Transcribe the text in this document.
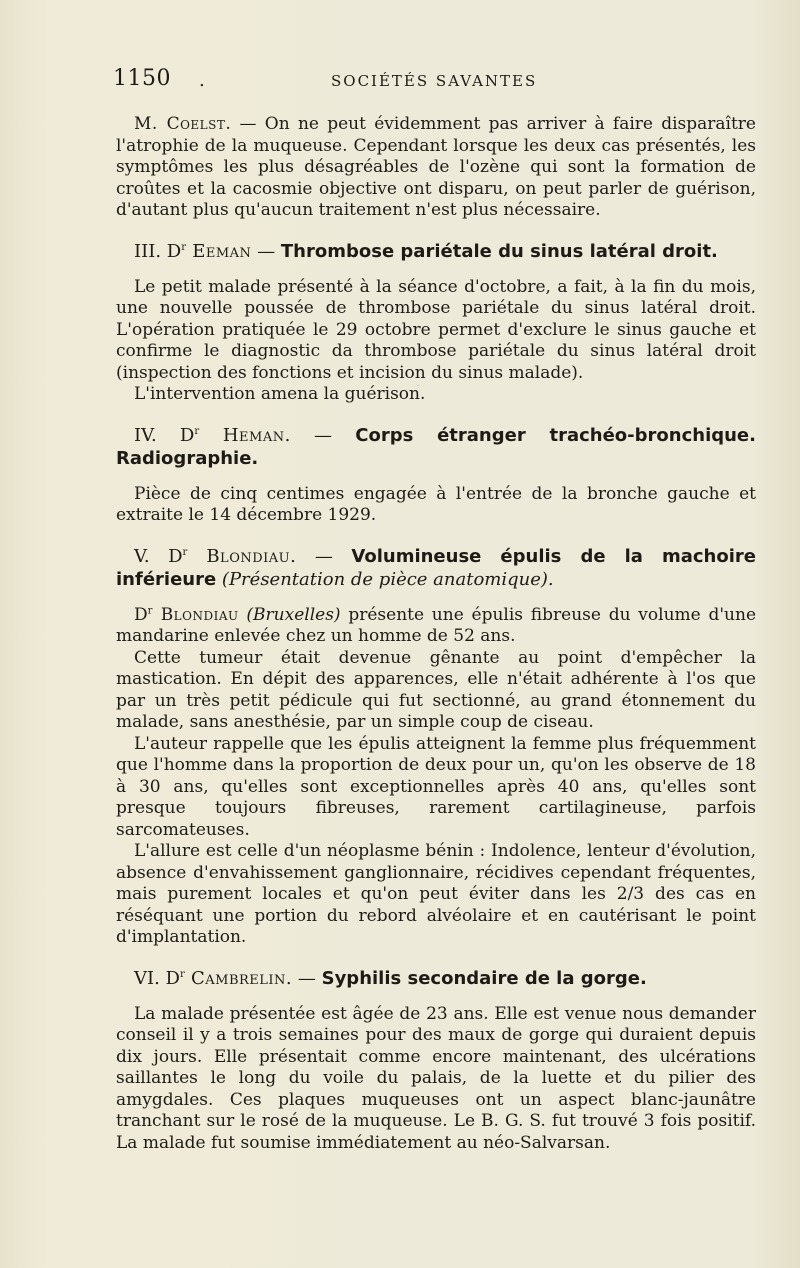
1150 .	SOCIÉTÉS SAVANTES

M. Coelst. — On ne peut évidemment pas arriver à faire disparaître l'atrophie de la muqueuse. Cependant lorsque les deux cas présentés, les symptômes les plus désagréables de l'ozène qui sont la formation de croûtes et la cacosmie objective ont disparu, on peut parler de guérison, d'autant plus qu'aucun traitement n'est plus nécessaire.

III. $D^r$ Eeman — Thrombose pariétale du sinus latéral droit.

Le petit malade présenté à la séance d'octobre, a fait, à la fin du mois, une nouvelle poussée de thrombose pariétale du sinus latéral droit. L'opération pratiquée le 29 octobre permet d'exclure le sinus gauche et confirme le diagnostic da thrombose pariétale du sinus latéral droit (inspection des fonctions et incision du sinus malade).

L'intervention amena la guérison.

IV. $D^r$ Heman. — Corps étranger trachéo-bronchique. Radiographie.

Pièce de cinq centimes engagée à l'entrée de la bronche gauche et extraite le 14 décembre 1929.

V. $D^r$ Blondiau. — Volumineuse épulis de la machoire inférieure (Présentation de pièce anatomique).

$D^r$ Blondiau (Bruxelles) présente une épulis fibreuse du volume d'une mandarine enlevée chez un homme de 52 ans.

Cette tumeur était devenue gênante au point d'empêcher la mastication. En dépit des apparences, elle n'était adhérente à l'os que par un très petit pédicule qui fut sectionné, au grand étonnement du malade, sans anesthésie, par un simple coup de ciseau.

L'auteur rappelle que les épulis atteignent la femme plus fréquemment que l'homme dans la proportion de deux pour un, qu'on les observe de 18 à 30 ans, qu'elles sont exceptionnelles après 40 ans, qu'elles sont presque toujours fibreuses, rarement cartilagineuse, parfois sarcomateuses.

L'allure est celle d'un néoplasme bénin : Indolence, lenteur d'évolution, absence d'envahissement ganglionnaire, récidives cependant fréquentes, mais purement locales et qu'on peut éviter dans les 2/3 des cas en réséquant une portion du rebord alvéolaire et en cautérisant le point d'implantation.

VI. $D^r$ Cambrelin. — Syphilis secondaire de la gorge.

La malade présentée est âgée de 23 ans. Elle est venue nous demander conseil il y a trois semaines pour des maux de gorge qui duraient depuis dix jours. Elle présentait comme encore maintenant, des ulcérations saillantes le long du voile du palais, de la luette et du pilier des amygdales. Ces plaques muqueuses ont un aspect blanc-jaunâtre tranchant sur le rosé de la muqueuse. Le B. G. S. fut trouvé 3 fois positif. La malade fut soumise immédiatement au néo-Salvarsan.
